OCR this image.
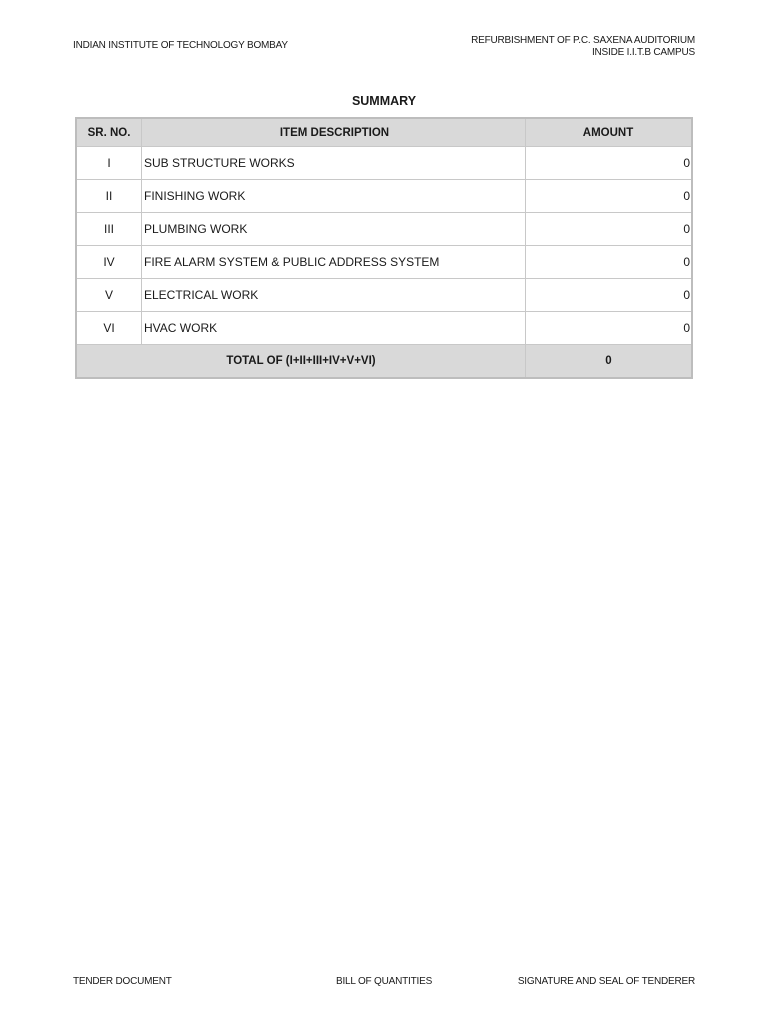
INDIAN INSTITUTE OF TECHNOLOGY BOMBAY	REFURBISHMENT OF P.C. SAXENA AUDITORIUM
INSIDE I.I.T.B CAMPUS
SUMMARY
SR. NO.	ITEM DESCRIPTION	AMOUNT
I	SUB STRUCTURE WORKS	0
II	FINISHING WORK	0
III	PLUMBING WORK	0
IV	FIRE ALARM SYSTEM & PUBLIC ADDRESS SYSTEM	0
V	ELECTRICAL WORK	0
VI	HVAC WORK	0
TOTAL OF (I+II+III+IV+V+VI)		0
TENDER DOCUMENT	BILL OF QUANTITIES	SIGNATURE AND SEAL OF TENDERER
